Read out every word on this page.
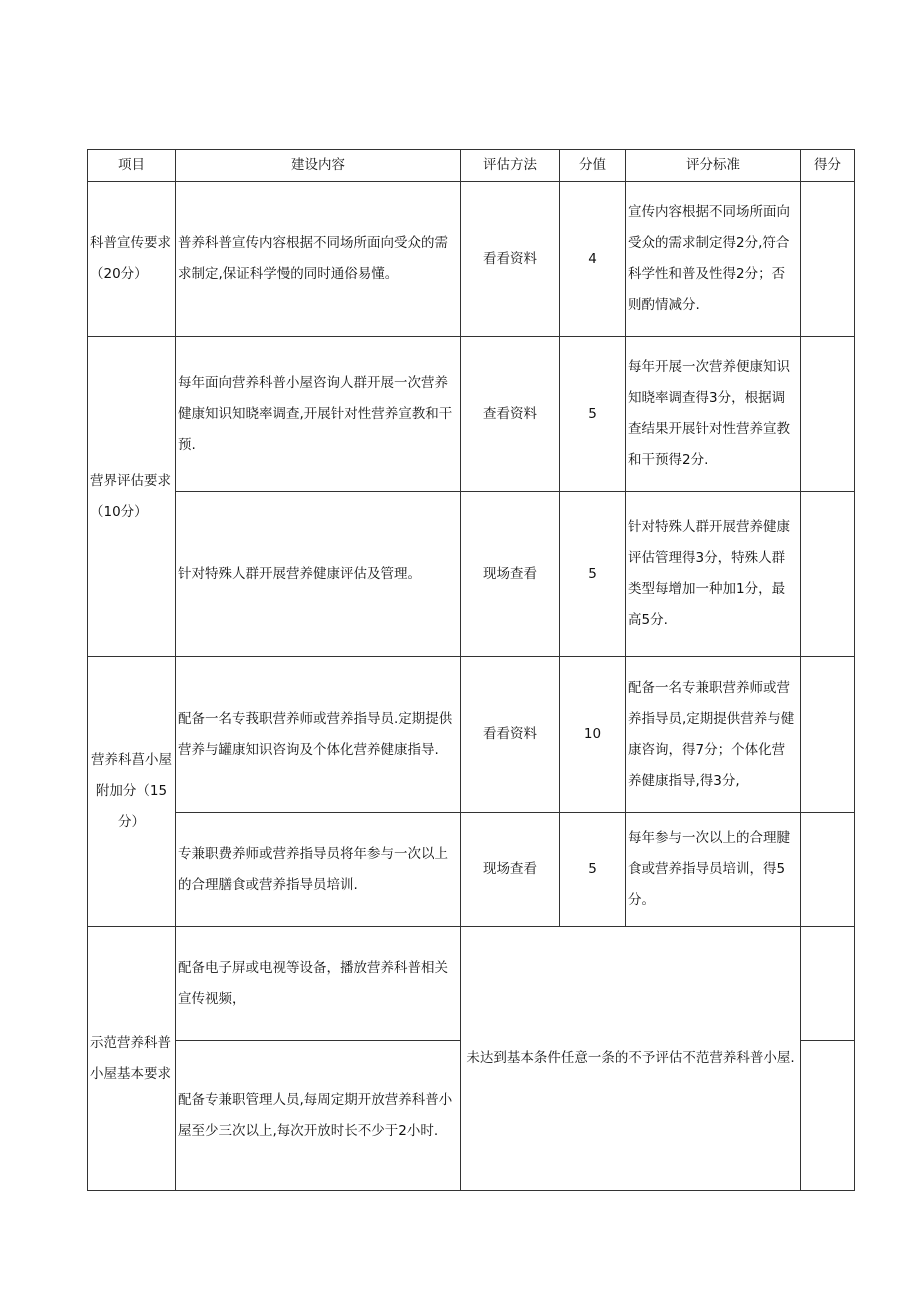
项目	建设内容	评估方法	分值	评分标准	得分
科普宣传要求（20分）	普养科普宣传内容根据不同场所面向受众的需求制定,保证科学慢的同时通俗易懂。	看看资料	4	宣传内容根据不同场所面向受众的需求制定得2分,符合科学性和普及性得2分；否则酌情减分.	
营界评估要求（10分）	每年面向营养科普小屋咨询人群开展一次营养健康知识知晓率调查,开展针对性营养宣教和干预.	查看资料	5	每年开展一次营养便康知识知晓率调查得3分，根据调查结果开展针对性营养宣教和干预得2分.	
	针对特殊人群开展营养健康评估及管理。	现场查看	5	针对特殊人群开展营养健康评估管理得3分，特殊人群类型每增加一种加1分，最高5分.	
营养科菖小屋附加分（15分）	配备一名专莪职营养师或营养指导员.定期提供营养与罐康知识咨询及个体化营养健康指导.	看看资料	10	配备一名专兼职营养师或营养指导员,定期提供营养与健康咨询，得7分；个体化营养健康指导,得3分,	
	专兼职费养师或营养指导员将年参与一次以上的合理膳食或营养指导员培训.	现场查看	5	每年参与一次以上的合理腱食或营养指导员培训，得5分。	
示范营养科普小屋基本要求	配备电子屏或电视等设备，播放营养科普相关宣传视频，	未达到基本条件任意一条的不予评估不范营养科普小屋.			
	配备专兼职管理人员,每周定期开放营养科普小屋至少三次以上,每次开放时长不少于2小时.				
